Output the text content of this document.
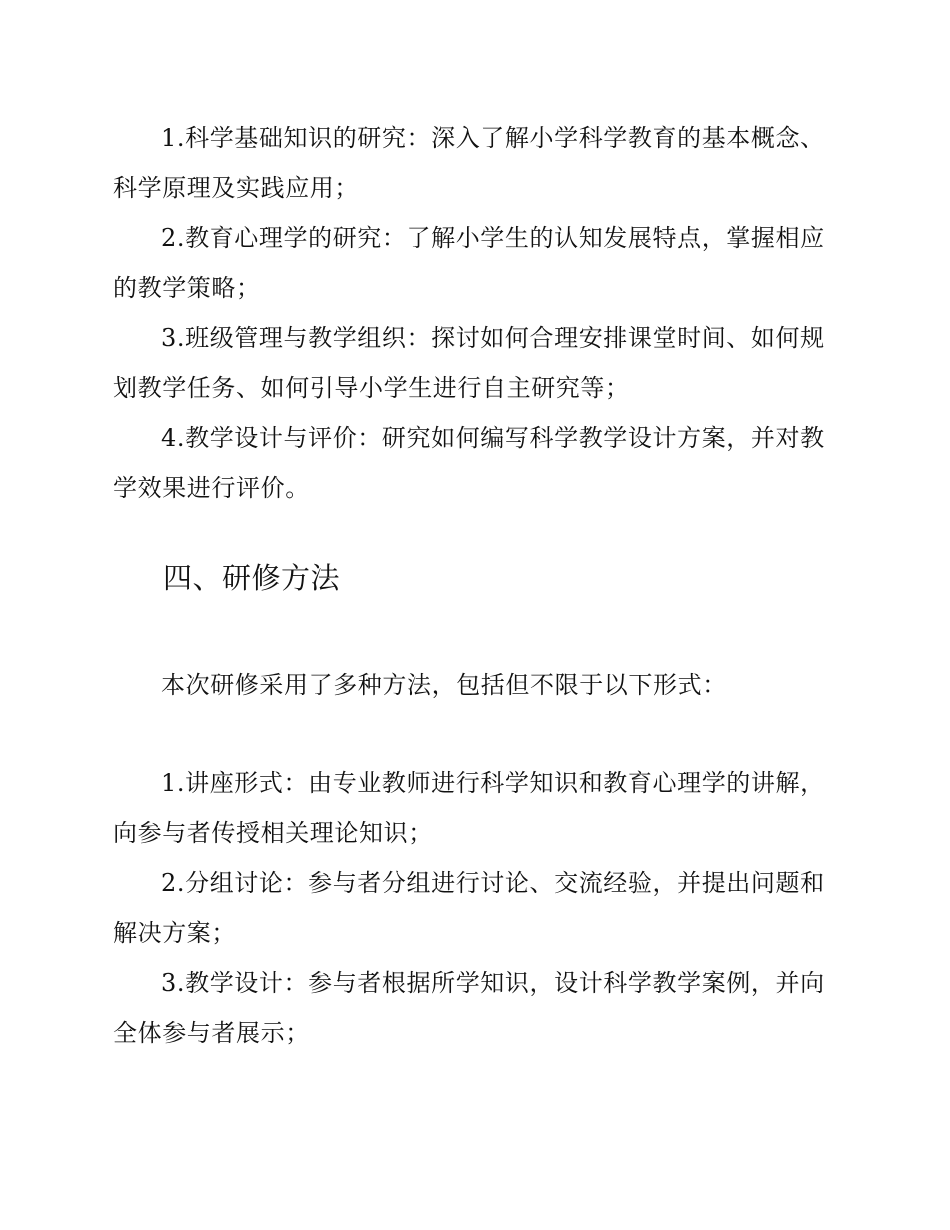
1.科学基础知识的研究：深入了解小学科学教育的基本概念、科学原理及实践应用；

2.教育心理学的研究：了解小学生的认知发展特点，掌握相应的教学策略；

3.班级管理与教学组织：探讨如何合理安排课堂时间、如何规划教学任务、如何引导小学生进行自主研究等；

4.教学设计与评价：研究如何编写科学教学设计方案，并对教学效果进行评价。

四、研修方法

本次研修采用了多种方法，包括但不限于以下形式：

1.讲座形式：由专业教师进行科学知识和教育心理学的讲解，向参与者传授相关理论知识；

2.分组讨论：参与者分组进行讨论、交流经验，并提出问题和解决方案；

3.教学设计：参与者根据所学知识，设计科学教学案例，并向全体参与者展示；
